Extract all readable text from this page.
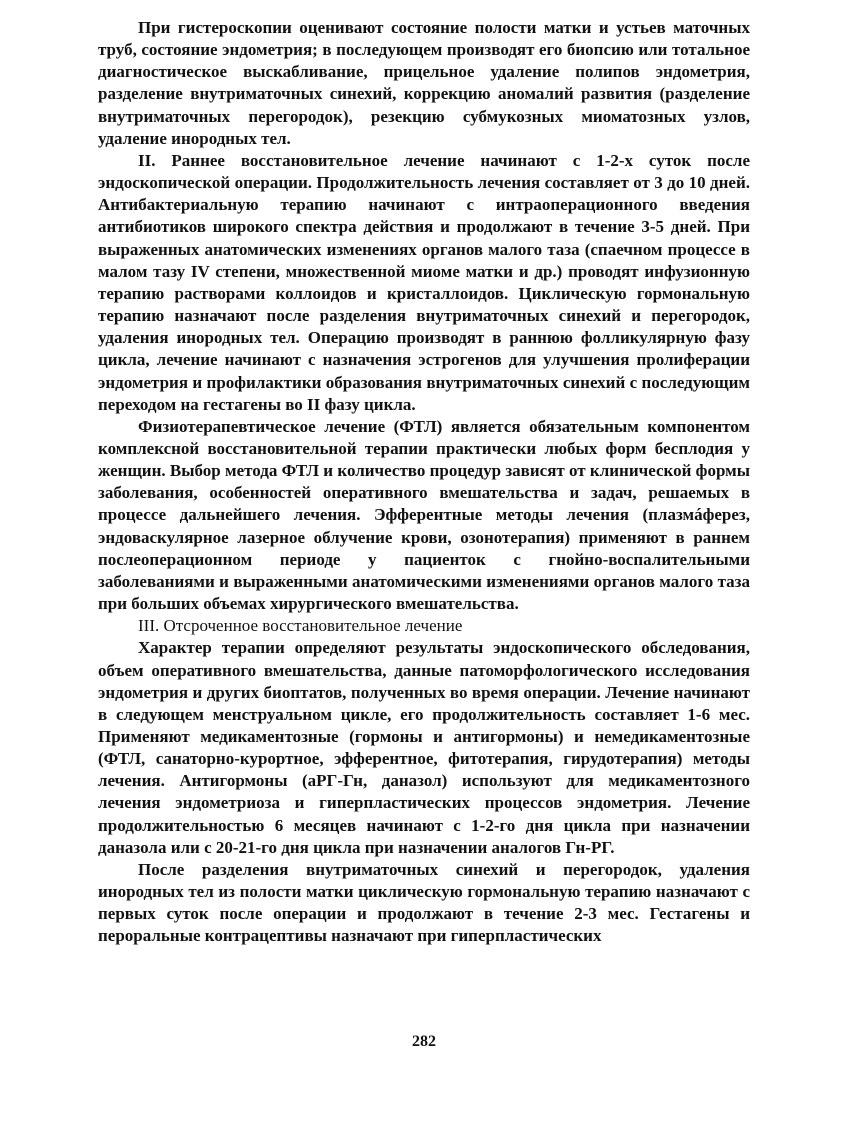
При гистероскопии оценивают состояние полости матки и устьев маточных труб, состояние эндометрия; в последующем производят его биопсию или тотальное диагностическое выскабливание, прицельное удаление полипов эндометрия, разделение внутриматочных синехий, коррекцию аномалий развития (разделение внутриматочных перегородок), резекцию субмукозных миоматозных узлов, удаление инородных тел.

II. Раннее восстановительное лечение начинают с 1-2-х суток после эндоскопической операции. Продолжительность лечения составляет от 3 до 10 дней. Антибактериальную терапию начинают с интраоперационного введения антибиотиков широкого спектра действия и продолжают в течение 3-5 дней. При выраженных анатомических изменениях органов малого таза (спаечном процессе в малом тазу IV степени, множественной миоме матки и др.) проводят инфузионную терапию растворами коллоидов и кристаллоидов. Циклическую гормональную терапию назначают после разделения внутриматочных синехий и перегородок, удаления инородных тел. Операцию производят в раннюю фолликулярную фазу цикла, лечение начинают с назначения эстрогенов для улучшения пролиферации эндометрия и профилактики образования внутриматочных синехий с последующим переходом на гестагены во II фазу цикла.

Физиотерапевтическое лечение (ФТЛ) является обязательным компонентом комплексной восстановительной терапии практически любых форм бесплодия у женщин. Выбор метода ФТЛ и количество процедур зависят от клинической формы заболевания, особенностей оперативного вмешательства и задач, решаемых в процессе дальнейшего лечения. Эфферентные методы лечения (плазмáферез, эндоваскулярное лазерное облучение крови, озонотерапия) применяют в раннем послеоперационном периоде у пациенток с гнойно-воспалительными заболеваниями и выраженными анатомическими изменениями органов малого таза при больших объемах хирургического вмешательства.

III. Отсроченное восстановительное лечение

Характер терапии определяют результаты эндоскопического обследования, объем оперативного вмешательства, данные патоморфологического исследования эндометрия и других биоптатов, полученных во время операции. Лечение начинают в следующем менструальном цикле, его продолжительность составляет 1-6 мес. Применяют медикаментозные (гормоны и антигормоны) и немедикаментозные (ФТЛ, санаторно-курортное, эфферентное, фитотерапия, гирудотерапия) методы лечения. Антигормоны (аРГ-Гн, даназол) используют для медикаментозного лечения эндометриоза и гиперпластических процессов эндометрия. Лечение продолжительностью 6 месяцев начинают с 1-2-го дня цикла при назначении даназола или с 20-21-го дня цикла при назначении аналогов Гн-РГ.

После разделения внутриматочных синехий и перегородок, удаления инородных тел из полости матки циклическую гормональную терапию назначают с первых суток после операции и продолжают в течение 2-3 мес. Гестагены и пероральные контрацептивы назначают при гиперпластических

282
